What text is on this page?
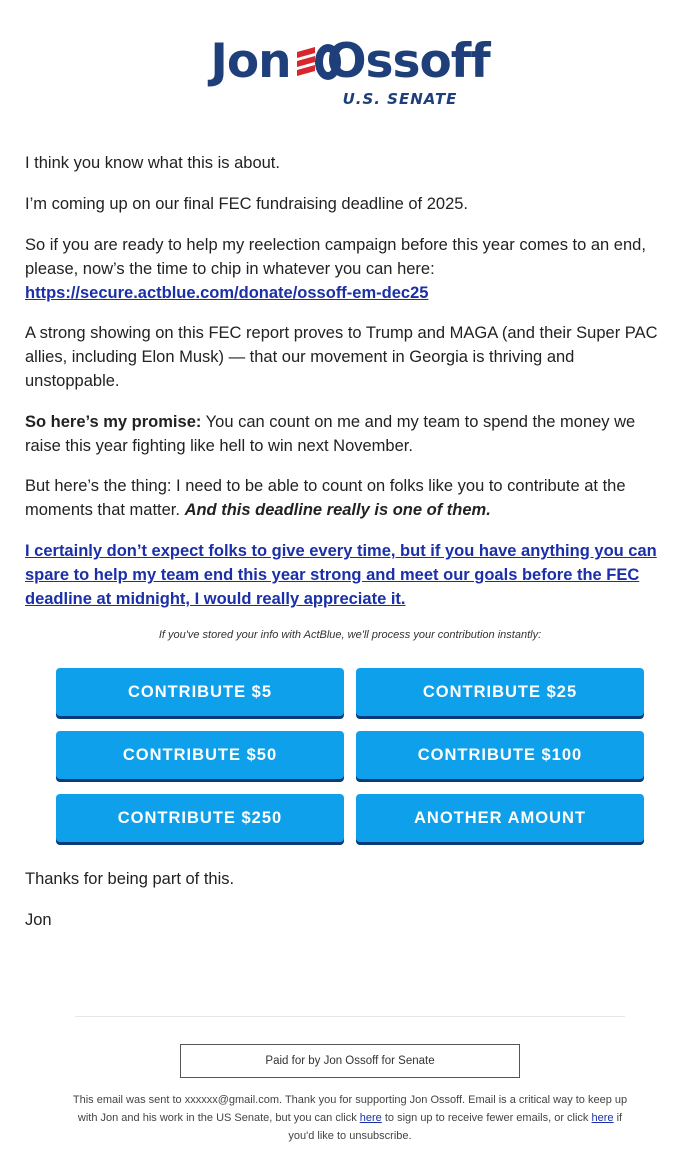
Jon Ossoff
U.S. SENATE

I think you know what this is about.

I’m coming up on our final FEC fundraising deadline of 2025.

So if you are ready to help my reelection campaign before this year comes to an end, please, now’s the time to chip in whatever you can here:
https://secure.actblue.com/donate/ossoff-em-dec25

A strong showing on this FEC report proves to Trump and MAGA (and their Super PAC allies, including Elon Musk) — that our movement in Georgia is thriving and unstoppable.

So here’s my promise: You can count on me and my team to spend the money we raise this year fighting like hell to win next November.

But here’s the thing: I need to be able to count on folks like you to contribute at the moments that matter. And this deadline really is one of them.

I certainly don’t expect folks to give every time, but if you have anything you can spare to help my team end this year strong and meet our goals before the FEC deadline at midnight, I would really appreciate it.

If you've stored your info with ActBlue, we'll process your contribution instantly:
CONTRIBUTE $5	CONTRIBUTE $25
CONTRIBUTE $50	CONTRIBUTE $100
CONTRIBUTE $250	ANOTHER AMOUNT

Thanks for being part of this.

Jon

Paid for by Jon Ossoff for Senate
This email was sent to xxxxxx@gmail.com. Thank you for supporting Jon Ossoff. Email is a critical way to keep up with Jon and his work in the US Senate, but you can click here to sign up to receive fewer emails, or click here if you'd like to unsubscribe.
